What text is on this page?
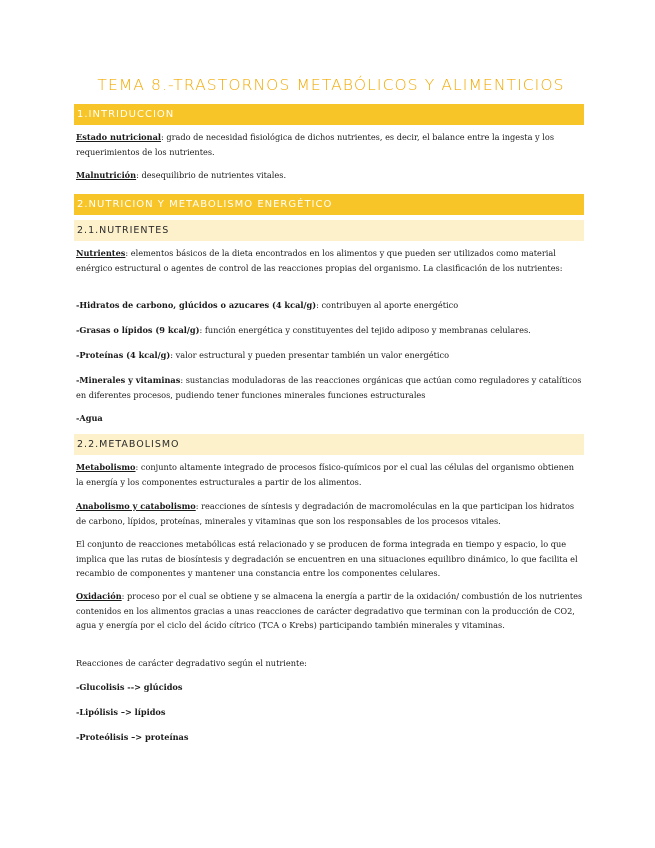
TEMA 8.-TRASTORNOS METABÓLICOS Y ALIMENTICIOS
1.INTRIDUCCION
Estado nutricional: grado de necesidad fisiológica de dichos nutrientes, es decir, el balance entre la ingesta y los requerimientos de los nutrientes.
Malnutrición: desequilibrio de nutrientes vitales.
2.NUTRICION Y METABOLISMO ENERGÉTICO
2.1.NUTRIENTES
Nutrientes: elementos básicos de la dieta encontrados en los alimentos y que pueden ser utilizados como material enérgico estructural o agentes de control de las reacciones propias del organismo. La clasificación de los nutrientes:
-Hidratos de carbono, glúcidos o azucares (4 kcal/g): contribuyen al aporte energético
-Grasas o lípidos (9 kcal/g): función energética y constituyentes del tejido adiposo y membranas celulares.
-Proteínas (4 kcal/g): valor estructural y pueden presentar también un valor energético
-Minerales y vitaminas: sustancias moduladoras de las reacciones orgánicas que actúan como reguladores y catalíticos en diferentes procesos, pudiendo tener funciones minerales funciones estructurales
-Agua
2.2.METABOLISMO
Metabolismo: conjunto altamente integrado de procesos físico-químicos por el cual las células del organismo obtienen la energía y los componentes estructurales a partir de los alimentos.
Anabolismo y catabolismo: reacciones de síntesis y degradación de macromoléculas en la que participan los hidratos de carbono, lípidos, proteínas, minerales y vitaminas que son los responsables de los procesos vitales.
El conjunto de reacciones metabólicas está relacionado y se producen de forma integrada en tiempo y espacio, lo que implica que las rutas de biosíntesis y degradación se encuentren en una situaciones equilibro dinámico, lo que facilita el recambio de componentes y mantener una constancia entre los componentes celulares.
Oxidación: proceso por el cual se obtiene y se almacena la energía a partir de la oxidación/ combustión de los nutrientes contenidos en los alimentos gracias a unas reacciones de carácter degradativo que terminan con la producción de CO2, agua y energía por el ciclo del ácido cítrico (TCA o Krebs) participando también minerales y vitaminas.
Reacciones de carácter degradativo según el nutriente:
-Glucolisis --> glúcidos
-Lipólisis –> lípidos
-Proteólisis –> proteínas
